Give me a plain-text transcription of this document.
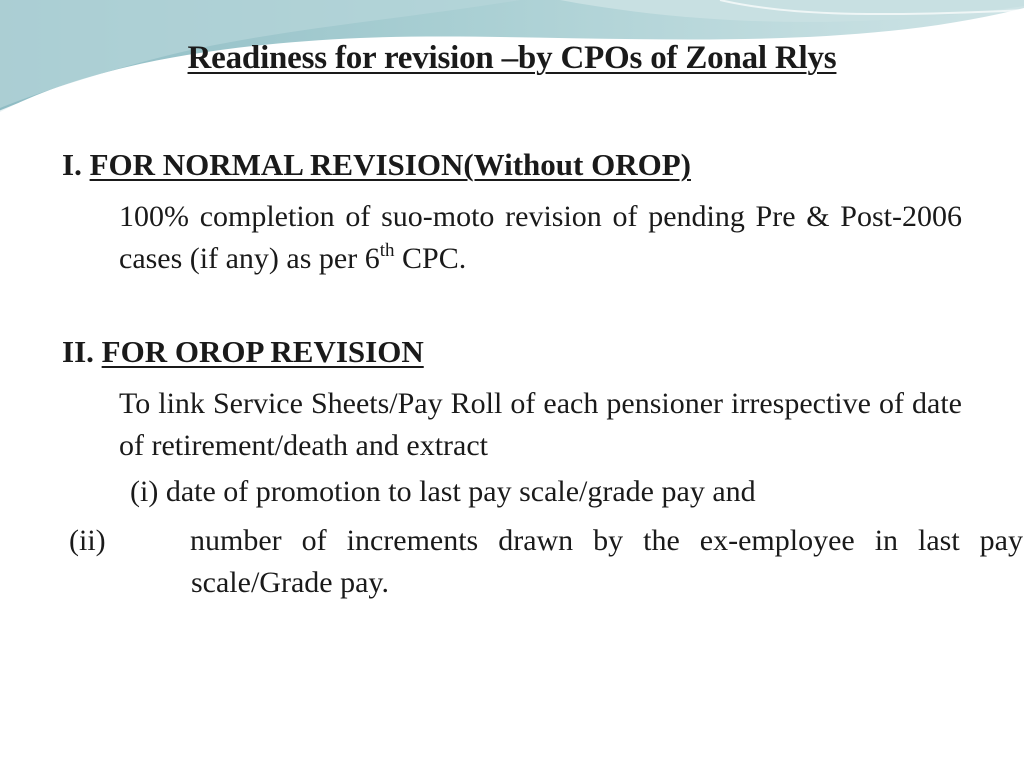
Readiness for revision –by CPOs of Zonal Rlys

I. FOR NORMAL REVISION(Without OROP)

100% completion of suo-moto revision of pending Pre & Post-2006 cases (if any) as per 6th CPC.

II. FOR OROP REVISION

To link Service Sheets/Pay Roll of each pensioner irrespective of date of retirement/death and extract

(i) date of promotion to last pay scale/grade pay and

(ii)	number of increments drawn by the ex-employee in last pay scale/Grade pay.
